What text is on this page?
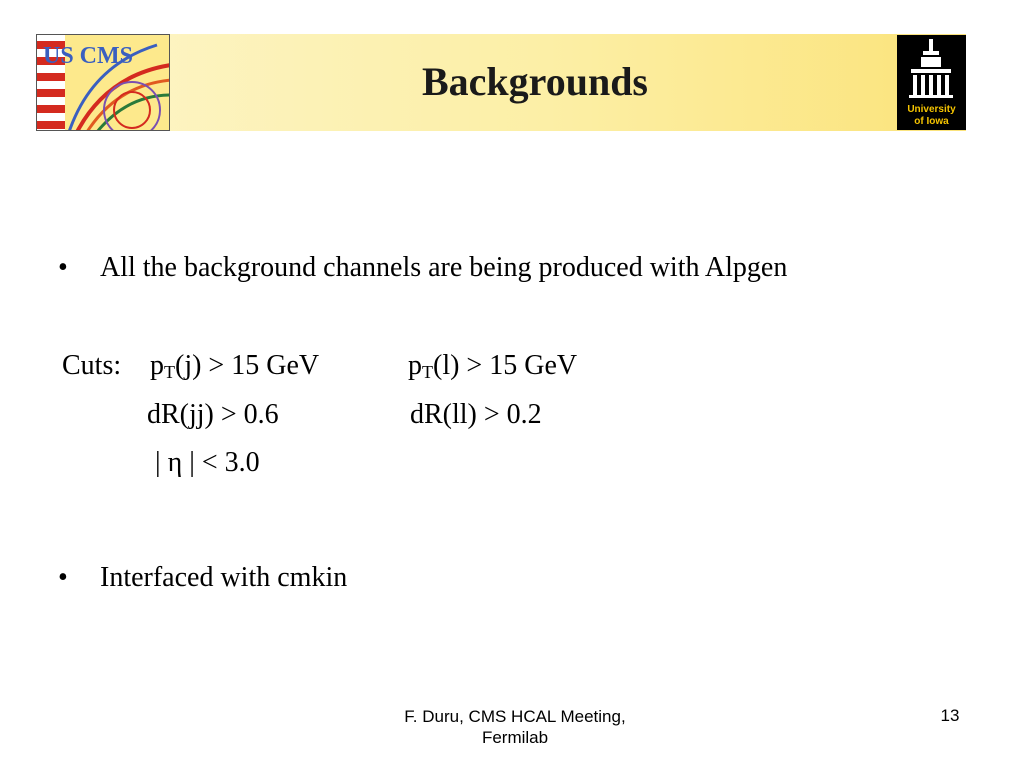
US CMS
Backgrounds
University
of Iowa
• All the background channels are being produced with Alpgen
Cuts: $p_T(j) > 15$ GeV	$p_T(l) > 15$ GeV
dR(jj) > 0.6	dR(ll) > 0.2
| η | < 3.0
• Interfaced with cmkin
F. Duru, CMS HCAL Meeting,
Fermilab
13
